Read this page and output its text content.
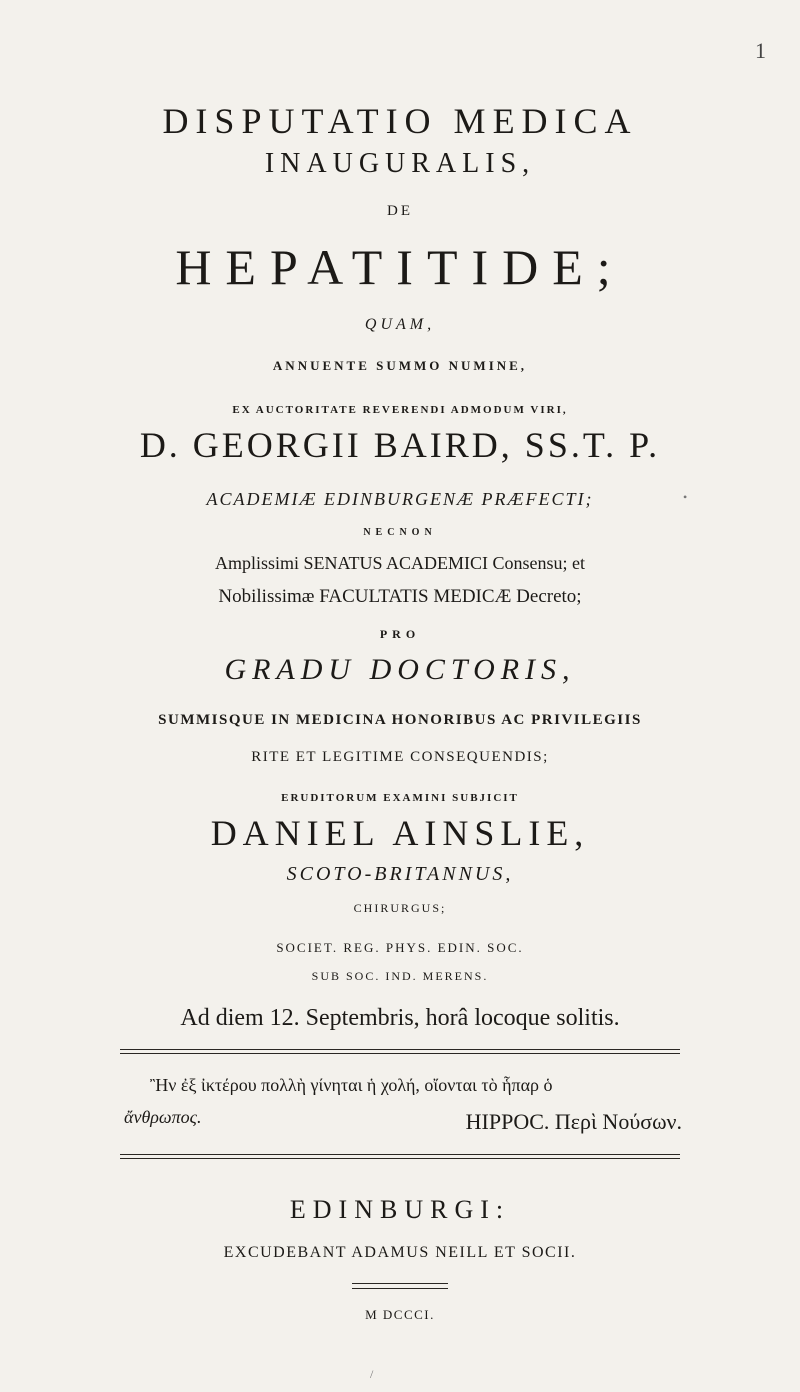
1
DISPUTATIO MEDICA
INAUGURALIS,
DE
HEPATITIDE;
QUAM,
ANNUENTE SUMMO NUMINE,
EX AUCTORITATE REVERENDI ADMODUM VIRI,
D. GEORGII BAIRD, SS.T. P.
ACADEMIÆ EDINBURGENÆ PRÆFECTI;
NECNON
Amplissimi SENATUS ACADEMICI Consensu; et
Nobilissimæ FACULTATIS MEDICÆ Decreto;
PRO
GRADU DOCTORIS,
SUMMISQUE IN MEDICINA HONORIBUS AC PRIVILEGIIS
RITE ET LEGITIME CONSEQUENDIS;
ERUDITORUM EXAMINI SUBJICIT
DANIEL AINSLIE,
SCOTO-BRITANNUS,
CHIRURGUS;
SOCIET. REG. PHYS. EDIN. SOC.
SUB SOC. IND. MERENS.
Ad diem 12. Septembris, horâ locoque solitis.
Ἢν ἐξ ἰκτέρου πολλὴ γίνηται ἡ χολή, οἴονται τὸ ἧπαρ ὁ
ἄνθρωπος.	HIPPOC. Περὶ Νούσων.
EDINBURGI:
EXCUDEBANT ADAMUS NEILL ET SOCII.
M DCCCI.
•
/
